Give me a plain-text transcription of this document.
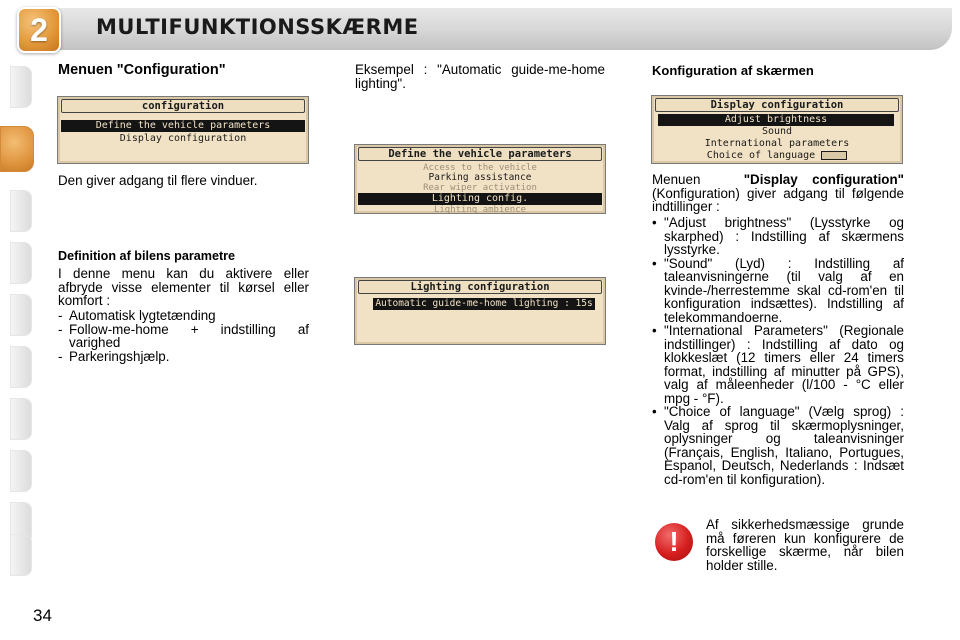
2	MULTIFUNKTIONSSKÆRME
Menuen "Configuration"
configuration
Define the vehicle parameters
Display configuration
Den giver adgang til flere vinduer.
Definition af bilens parametre
I denne menu kan du aktivere eller afbryde visse elementer til kørsel eller komfort :
- Automatisk lygtetænding
- Follow-me-home + indstilling af varighed
- Parkeringshjælp.
Eksempel : "Automatic guide-me-home lighting".
Define the vehicle parameters
Access to the vehicle
Parking assistance
Rear wiper activation
Lighting config.
Lighting ambience
Lighting configuration
Automatic guide-me-home lighting : 15s
Konfiguration af skærmen
Display configuration
Adjust brightness
Sound
International parameters
Choice of language
Menuen	"Display configuration" (Konfiguration) giver adgang til følgende indtillinger :
• "Adjust brightness" (Lysstyrke og skarphed) : Indstilling af skærmens lysstyrke.
• "Sound" (Lyd) : Indstilling af taleanvisningerne (til valg af en kvinde-/herrestemme skal cd-rom'en til konfiguration indsættes). Indstilling af telekommandoerne.
• "International Parameters" (Regionale indstillinger) : Indstilling af dato og klokkeslæt (12 timers eller 24 timers format, indstilling af minutter på GPS), valg af måleenheder (l/100 - °C eller mpg - °F).
• "Choice of language" (Vælg sprog) : Valg af sprog til skærmoplysninger, oplysninger og taleanvisninger (Français, English, Italiano, Portugues, Espanol, Deutsch, Nederlands : Indsæt cd-rom'en til konfiguration).
!
Af sikkerhedsmæssige grunde må føreren kun konfigurere de forskellige skærme, når bilen holder stille.
34
